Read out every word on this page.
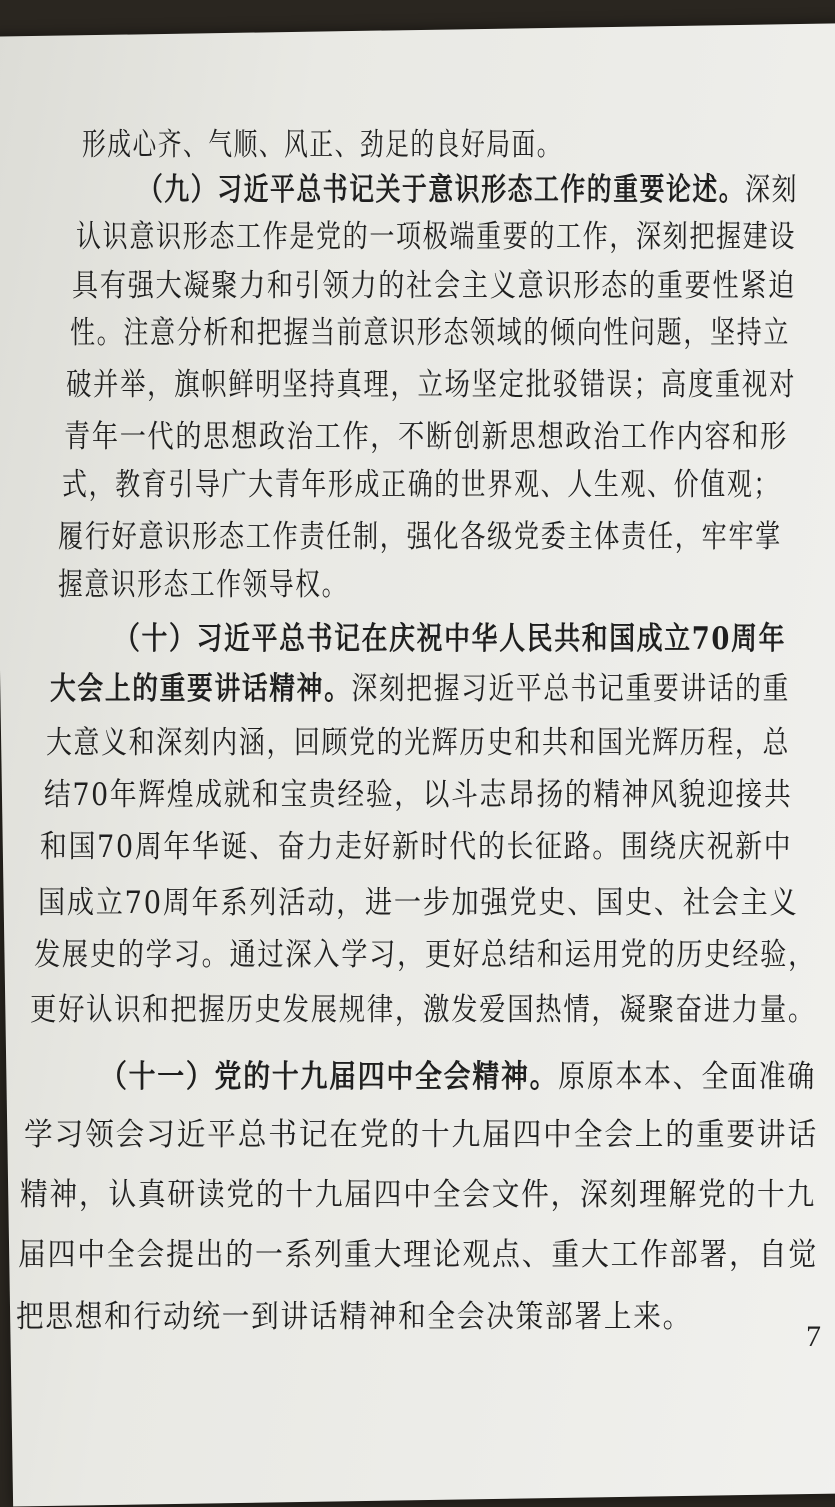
形成心齐、气顺、风正、劲足的良好局面。
（九）习近平总书记关于意识形态工作的重要论述。深刻
认识意识形态工作是党的一项极端重要的工作，深刻把握建设
具有强大凝聚力和引领力的社会主义意识形态的重要性紧迫
性。注意分析和把握当前意识形态领域的倾向性问题，坚持立
破并举，旗帜鲜明坚持真理，立场坚定批驳错误；高度重视对
青年一代的思想政治工作，不断创新思想政治工作内容和形
式，教育引导广大青年形成正确的世界观、人生观、价值观；
履行好意识形态工作责任制，强化各级党委主体责任，牢牢掌
握意识形态工作领导权。
（十）习近平总书记在庆祝中华人民共和国成立70周年
大会上的重要讲话精神。深刻把握习近平总书记重要讲话的重
大意义和深刻内涵，回顾党的光辉历史和共和国光辉历程，总
结70年辉煌成就和宝贵经验，以斗志昂扬的精神风貌迎接共
和国70周年华诞、奋力走好新时代的长征路。围绕庆祝新中
国成立70周年系列活动，进一步加强党史、国史、社会主义
发展史的学习。通过深入学习，更好总结和运用党的历史经验，
更好认识和把握历史发展规律，激发爱国热情，凝聚奋进力量。
（十一）党的十九届四中全会精神。原原本本、全面准确
学习领会习近平总书记在党的十九届四中全会上的重要讲话
精神，认真研读党的十九届四中全会文件，深刻理解党的十九
届四中全会提出的一系列重大理论观点、重大工作部署，自觉
把思想和行动统一到讲话精神和全会决策部署上来。
7
